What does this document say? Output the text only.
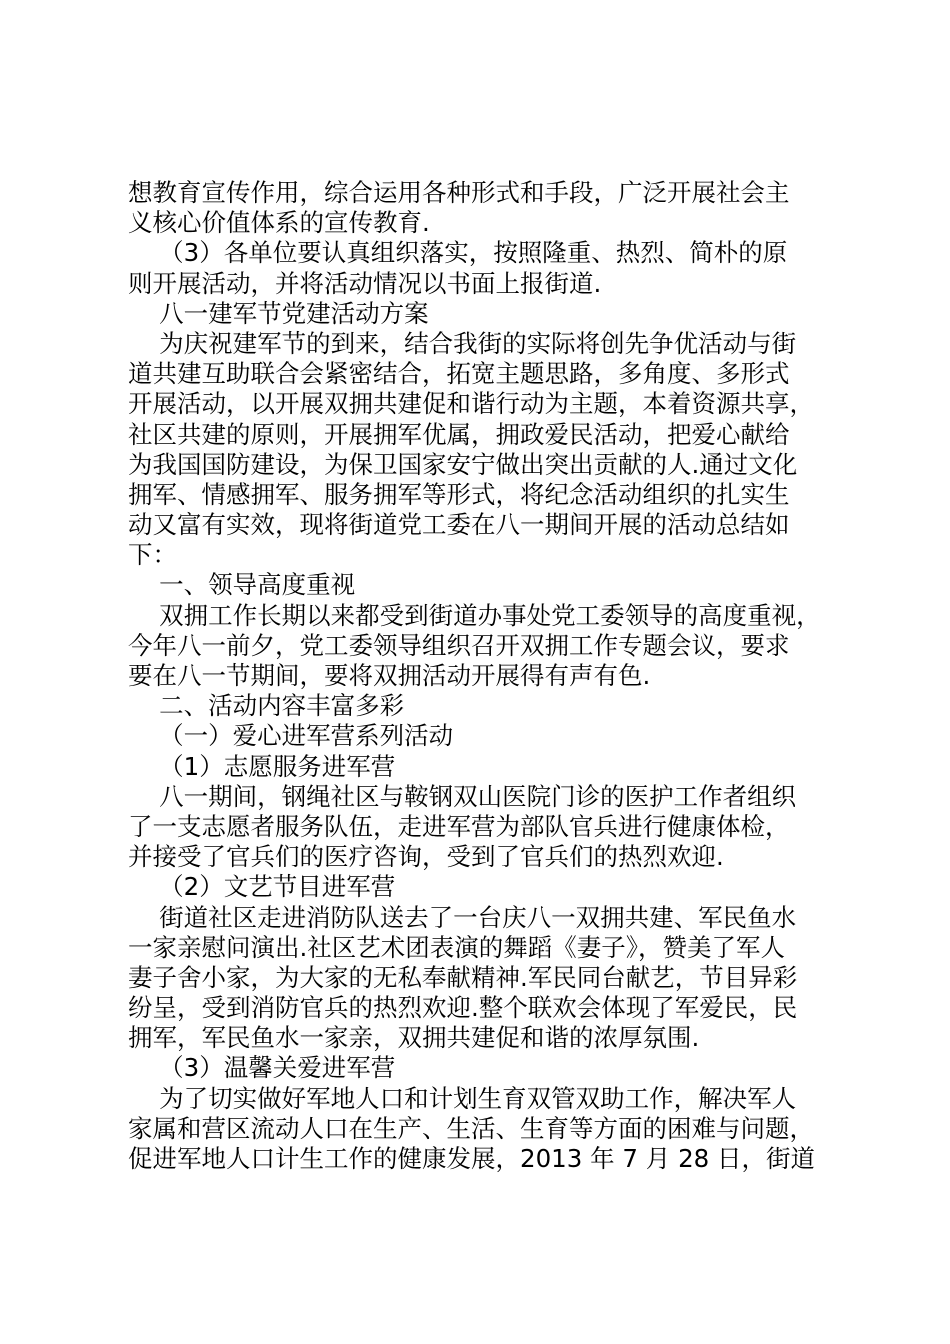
想教育宣传作用，综合运用各种形式和手段，广泛开展社会主
义核心价值体系的宣传教育.
（3）各单位要认真组织落实，按照隆重、热烈、简朴的原
则开展活动，并将活动情况以书面上报街道.
八一建军节党建活动方案
为庆祝建军节的到来，结合我街的实际将创先争优活动与街
道共建互助联合会紧密结合，拓宽主题思路，多角度、多形式
开展活动，以开展双拥共建促和谐行动为主题，本着资源共享，
社区共建的原则，开展拥军优属，拥政爱民活动，把爱心献给
为我国国防建设，为保卫国家安宁做出突出贡献的人.通过文化
拥军、情感拥军、服务拥军等形式，将纪念活动组织的扎实生
动又富有实效，现将街道党工委在八一期间开展的活动总结如
下：
一、领导高度重视
双拥工作长期以来都受到街道办事处党工委领导的高度重视，
今年八一前夕，党工委领导组织召开双拥工作专题会议，要求
要在八一节期间，要将双拥活动开展得有声有色.
二、活动内容丰富多彩
（一）爱心进军营系列活动
（1）志愿服务进军营
八一期间，钢绳社区与鞍钢双山医院门诊的医护工作者组织
了一支志愿者服务队伍，走进军营为部队官兵进行健康体检，
并接受了官兵们的医疗咨询，受到了官兵们的热烈欢迎.
（2）文艺节目进军营
街道社区走进消防队送去了一台庆八一双拥共建、军民鱼水
一家亲慰问演出.社区艺术团表演的舞蹈《妻子》，赞美了军人
妻子舍小家，为大家的无私奉献精神.军民同台献艺，节目异彩
纷呈，受到消防官兵的热烈欢迎.整个联欢会体现了军爱民，民
拥军，军民鱼水一家亲，双拥共建促和谐的浓厚氛围.
（3）温馨关爱进军营
为了切实做好军地人口和计划生育双管双助工作，解决军人
家属和营区流动人口在生产、生活、生育等方面的困难与问题，
促进军地人口计生工作的健康发展，2013 年 7 月 28 日，街道
